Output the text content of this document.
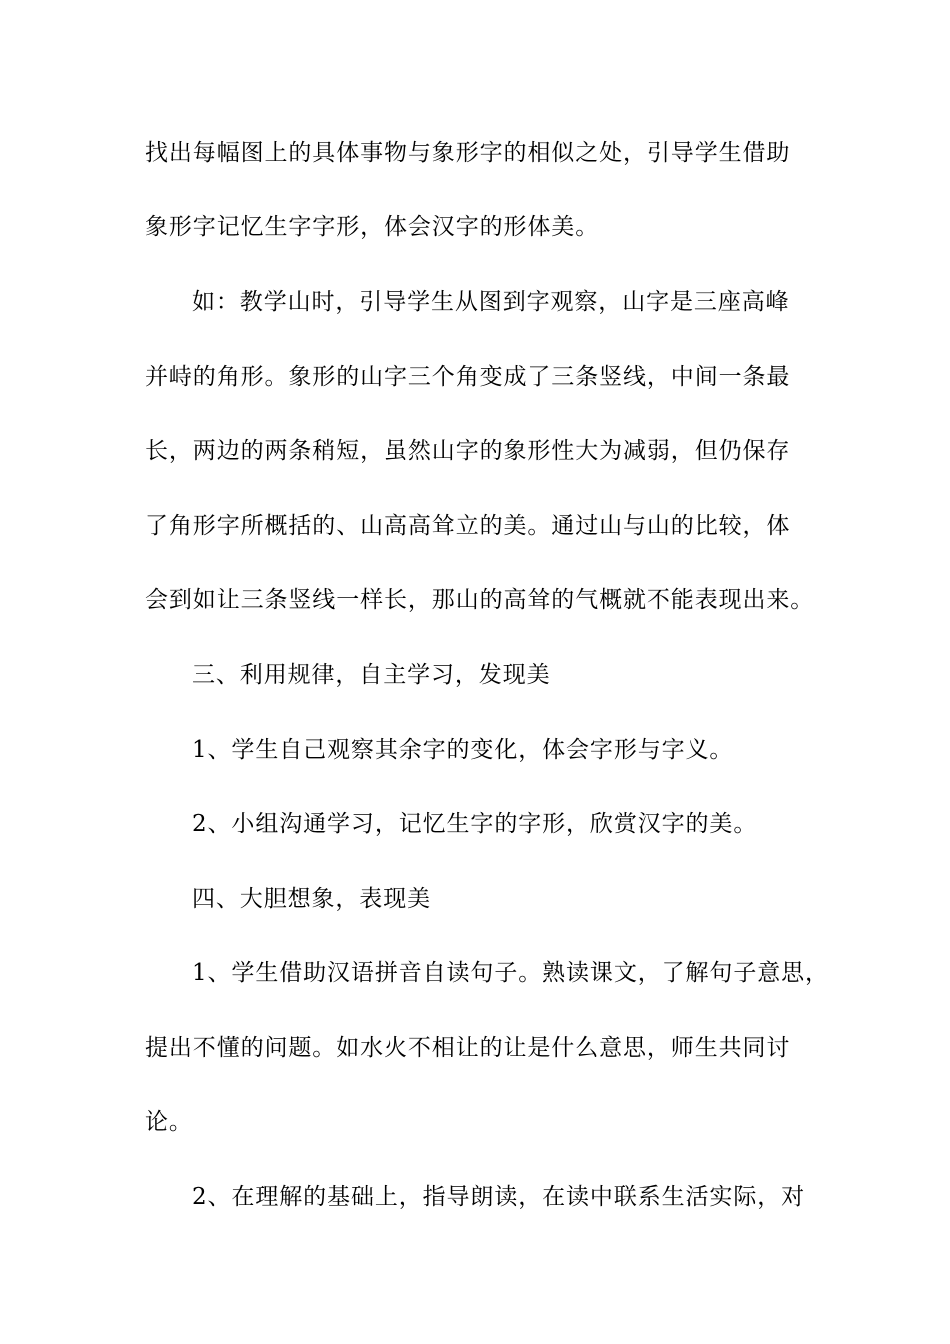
找出每幅图上的具体事物与象形字的相似之处，引导学生借助
象形字记忆生字字形，体会汉字的形体美。
如：教学山时，引导学生从图到字观察，山字是三座高峰
并峙的角形。象形的山字三个角变成了三条竖线，中间一条最
长，两边的两条稍短，虽然山字的象形性大为减弱，但仍保存
了角形字所概括的、山高高耸立的美。通过山与山的比较，体
会到如让三条竖线一样长，那山的高耸的气概就不能表现出来。
三、利用规律，自主学习，发现美
1、学生自己观察其余字的变化，体会字形与字义。
2、小组沟通学习，记忆生字的字形，欣赏汉字的美。
四、大胆想象，表现美
1、学生借助汉语拼音自读句子。熟读课文，了解句子意思，
提出不懂的问题。如水火不相让的让是什么意思，师生共同讨
论。
2、在理解的基础上，指导朗读，在读中联系生活实际，对
